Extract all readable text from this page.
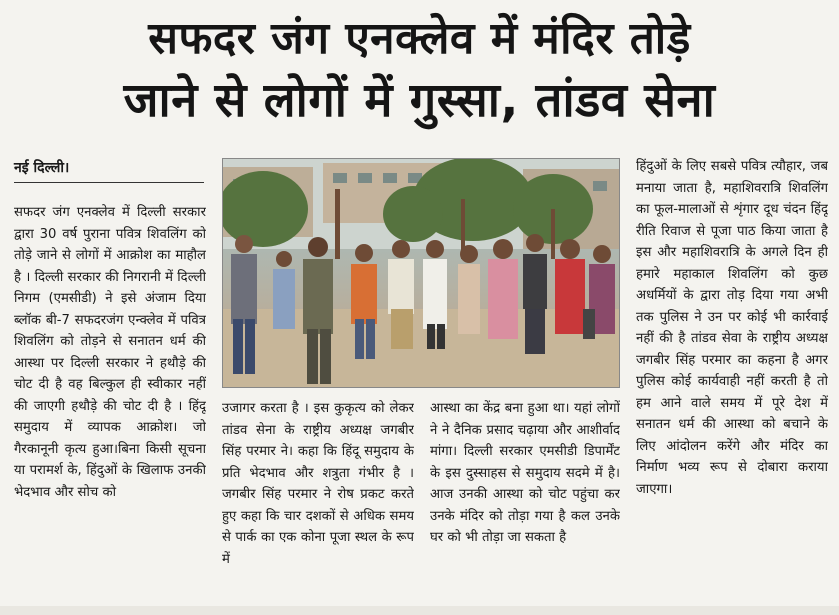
सफदर जंग एनक्लेव में मंदिर तोड़े
जाने से लोगों में गुस्सा, तांडव सेना
नई दिल्ली।

सफदर जंग एनक्लेव में दिल्ली सरकार द्वारा 30 वर्ष पुराना पवित्र शिवलिंग को तोड़े जाने से लोगों में आक्रोश का माहौल है । दिल्ली सरकार की निगरानी में दिल्ली निगम (एमसीडी) ने इसे अंजाम दिया ब्लॉक बी-7 सफदरजंग एन्क्लेव में पवित्र शिवलिंग को तोड़ने से सनातन धर्म की आस्था पर दिल्ली सरकार ने हथौड़े की चोट दी है वह बिल्कुल ही स्वीकार नहीं की जाएगी हथौड़े की चोट दी है । हिंदू समुदाय में व्यापक आक्रोश। जो गैरकानूनी कृत्य हुआ।बिना किसी सूचना या परामर्श के, हिंदुओं के खिलाफ उनकी भेदभाव और सोच को

उजागर करता है । इस कुकृत्य को लेकर तांडव सेना के राष्ट्रीय अध्यक्ष जगबीर सिंह परमार ने। कहा कि हिंदू समुदाय के प्रति भेदभाव और शत्रुता गंभीर है । जगबीर सिंह परमार ने रोष प्रकट करते हुए कहा कि चार दशकों से अधिक समय से पार्क का एक कोना पूजा स्थल के रूप में

आस्था का केंद्र बना हुआ था। यहां लोगों ने ने दैनिक प्रसाद चढ़ाया और आशीर्वाद मांगा। दिल्ली सरकार एमसीडी डिपार्मेंट के इस दुस्साहस से समुदाय सदमे में है। आज उनकी आस्था को चोट पहुंचा कर उनके मंदिर को तोड़ा गया है कल उनके घर को भी तोड़ा जा सकता है

हिंदुओं के लिए सबसे पवित्र त्यौहार, जब मनाया जाता है, महाशिवरात्रि शिवलिंग का फूल-मालाओं से शृंगार दूध चंदन हिंदू रीति रिवाज से पूजा पाठ किया जाता है इस और महाशिवरात्रि के अगले दिन ही हमारे महाकाल शिवलिंग को कुछ अधर्मियों के द्वारा तोड़ दिया गया अभी तक पुलिस ने उन पर कोई भी कार्रवाई नहीं की है तांडव सेवा के राष्ट्रीय अध्यक्ष जगबीर सिंह परमार का कहना है अगर पुलिस कोई कार्यवाही नहीं करती है तो हम आने वाले समय में पूरे देश में सनातन धर्म की आस्था को बचाने के लिए आंदोलन करेंगे और मंदिर का निर्माण भव्य रूप से दोबारा कराया जाएगा।
